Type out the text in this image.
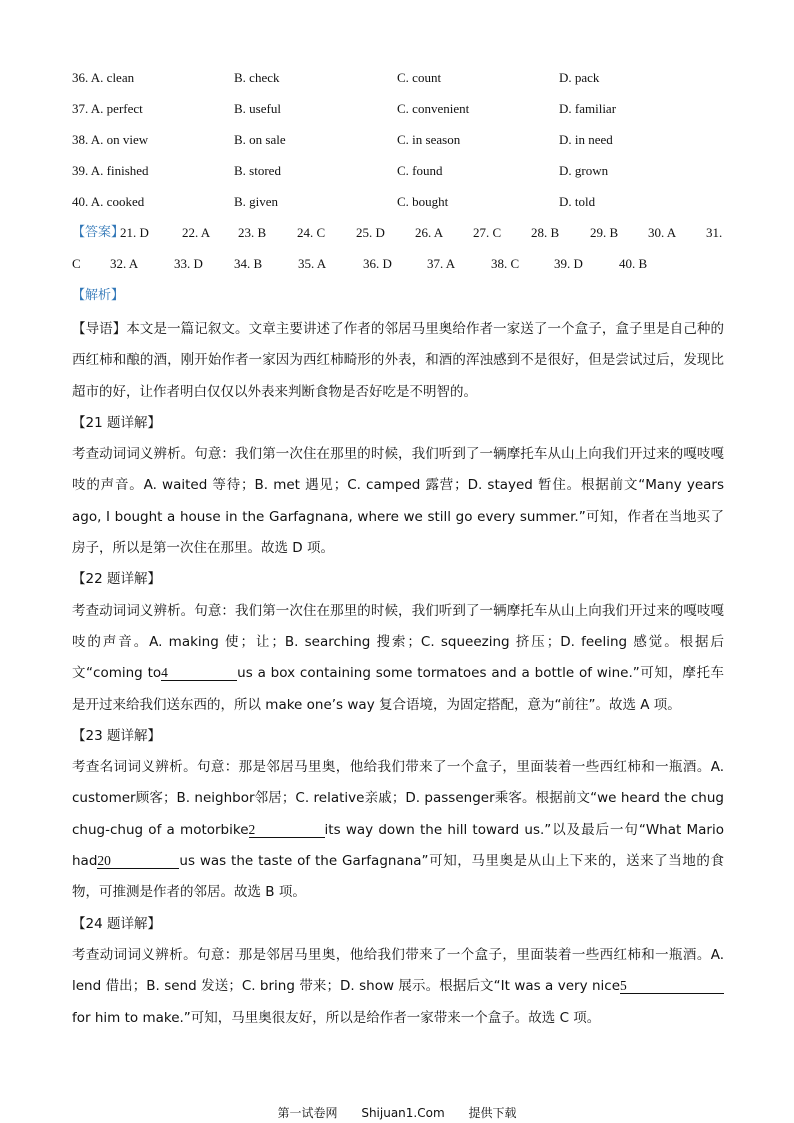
36. A. clean	B. check	C. count	D. pack
37. A. perfect	B. useful	C. convenient	D. familiar
38. A. on view	B. on sale	C. in season	D. in need
39. A. finished	B. stored	C. found	D. grown
40. A. cooked	B. given	C. bought	D. told
【答案】
21. D	22. A 23. B 24. C 25. D 26. A 27. C 28. B 29. B 30. A 31.
C 32. A	33. D 34. B	35. A	36. D	37. A	38. C	39. D	40. B
【解析】

【导语】本文是一篇记叙文。文章主要讲述了作者的邻居马里奥给作者一家送了一个盒子，盒子里是自己种的西红柿和酿的酒，刚开始作者一家因为西红柿畸形的外表，和酒的浑浊感到不是很好，但是尝试过后，发现比超市的好，让作者明白仅仅以外表来判断食物是否好吃是不明智的。

【21 题详解】

考查动词词义辨析。句意：我们第一次住在那里的时候，我们听到了一辆摩托车从山上向我们开过来的嘎吱嘎吱的声音。A. waited 等待；B. met 遇见；C. camped 露营；D. stayed 暂住。根据前文“Many years ago, I bought a house in the Garfagnana, where we still go every summer.”可知，作者在当地买了房子，所以是第一次住在那里。故选 D 项。

【22 题详解】

考查动词词义辨析。句意：我们第一次住在那里的时候，我们听到了一辆摩托车从山上向我们开过来的嘎吱嘎吱的声音。A. making 使；让；B. searching 搜索；C. squeezing 挤压；D. feeling 感觉。根据后文“coming to4	us a box containing some tormatoes and a bottle of wine.”可知，摩托车是开过来给我们送东西的，所以 make one’s way 复合语境，为固定搭配，意为“前往”。故选 A 项。

【23 题详解】

考查名词词义辨析。句意：那是邻居马里奥，他给我们带来了一个盒子，里面装着一些西红柿和一瓶酒。A. customer顾客；B. neighbor邻居；C. relative亲戚；D. passenger乘客。根据前文“we heard the chug chug-chug of a motorbike2	its way down the hill toward us.”以及最后一句“What Mario had20	us was the taste of the Garfagnana”可知，马里奥是从山上下来的，送来了当地的食物，可推测是作者的邻居。故选 B 项。

【24 题详解】

考查动词词义辨析。句意：那是邻居马里奥，他给我们带来了一个盒子，里面装着一些西红柿和一瓶酒。A. lend 借出；B. send 发送；C. bring 带来；D. show 展示。根据后文“It was a very nice5for him to make.”可知，马里奥很友好，所以是给作者一家带来一个盒子。故选 C 项。

第一试卷网 Shijuan1.Com 提供下载
